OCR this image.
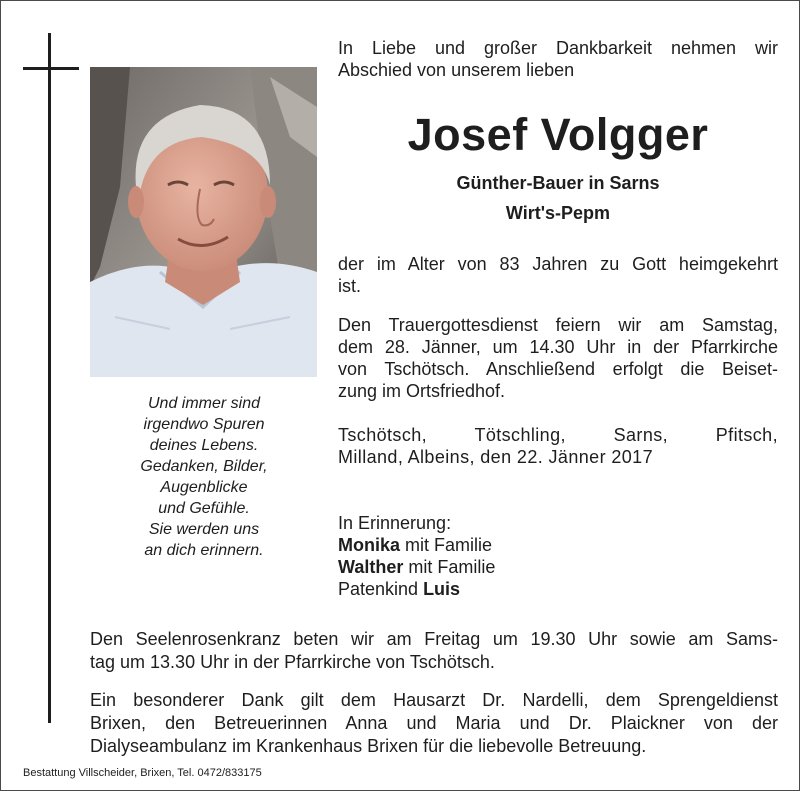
Und immer sind
irgendwo Spuren
deines Lebens.
Gedanken, Bilder,
Augenblicke
und Gefühle.
Sie werden uns
an dich erinnern.
In Liebe und großer Dankbarkeit nehmen wir
Abschied von unserem lieben
Josef Volgger
Günther-Bauer in Sarns
Wirt's-Pepm
der im Alter von 83 Jahren zu Gott heimgekehrt
ist.
Den Trauergottesdienst feiern wir am Samstag,
dem 28. Jänner, um 14.30 Uhr in der Pfarrkirche
von Tschötsch. Anschließend erfolgt die Beiset-
zung im Ortsfriedhof.
Tschötsch, Tötschling, Sarns, Pfitsch,
Milland, Albeins, den 22. Jänner 2017
In Erinnerung:
Monika mit Familie
Walther mit Familie
Patenkind Luis
Den Seelenrosenkranz beten wir am Freitag um 19.30 Uhr sowie am Sams-
tag um 13.30 Uhr in der Pfarrkirche von Tschötsch.
Ein besonderer Dank gilt dem Hausarzt Dr. Nardelli, dem Sprengeldienst
Brixen, den Betreuerinnen Anna und Maria und Dr. Plaickner von der
Dialyseambulanz im Krankenhaus Brixen für die liebevolle Betreuung.
Bestattung Villscheider, Brixen, Tel. 0472/833175
